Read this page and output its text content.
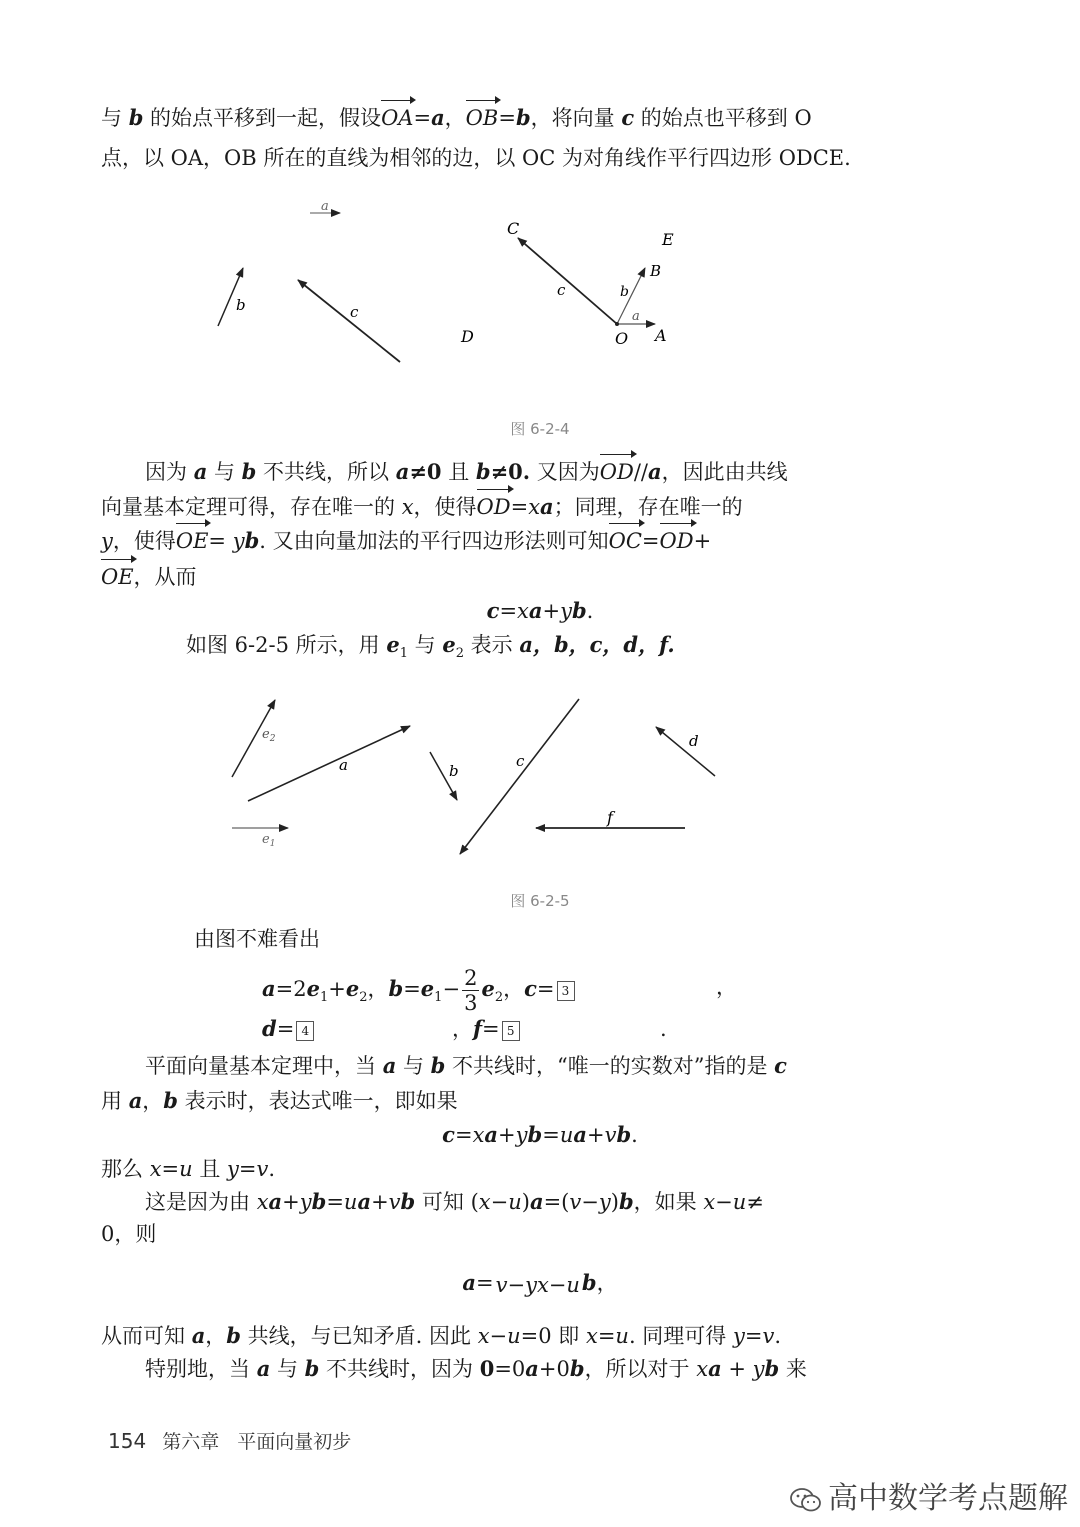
与 b 的始点平移到一起，假设OA=a，OB=b，将向量 c 的始点也平移到 O
点，以 OA，OB 所在的直线为相邻的边，以 OC 为对角线作平行四边形 ODCE.
a
b	c
C
E
B
D	O A
b
c
a
图 6-2-4
因为 a 与 b 不共线，所以 a≠0 且 b≠0. 又因为OD//a，因此由共线
向量基本定理可得，存在唯一的 x，使得OD=xa；同理，存在唯一的
y，使得OE= yb. 又由向量加法的平行四边形法则可知OC=OD+
OE，从而
c=xa+yb.
如图 6-2-5 所示，用 $e_1$ 与 $e_2$ 表示 a，b，c，d，f.
$e_2$
a	b
c
d
f
$e_1$
图 6-2-5
由图不难看出
$a=2e_1+e_2$，$b=e_1- \frac{2}{3} e_2$，c= 3	，
d= 4	，f= 5	.
平面向量基本定理中，当 a 与 b 不共线时，“唯一的实数对”指的是 c
用 a，b 表示时，表达式唯一，即如果
c=xa+yb=ua+vb.
那么 x=u 且 y=v.
这是因为由 xa+yb=ua+vb 可知 (x−u)a=(v−y)b，如果 x−u≠
0，则
a=v−yx−ub，
从而可知 a，b 共线，与已知矛盾. 因此 x−u=0 即 x=u. 同理可得 y=v.
特别地，当 a 与 b 不共线时，因为 0=0a+0b，所以对于 xa + yb 来
154 第六章 平面向量初步
高中数学考点题解
